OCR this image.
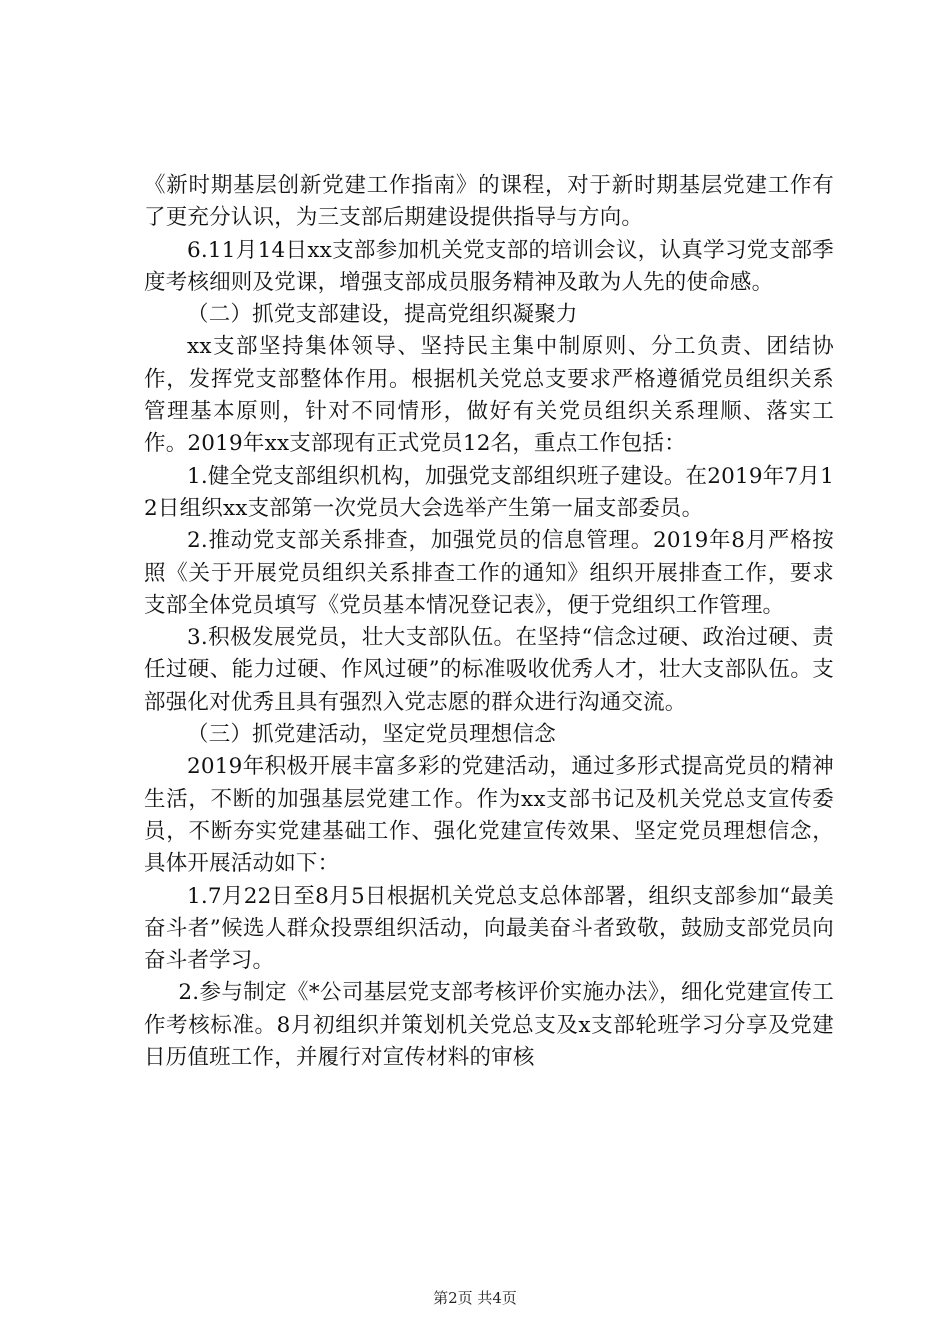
《新时期基层创新党建工作指南》的课程，对于新时期基层党建工作有了更充分认识，为三支部后期建设提供指导与方向。

6.11月14日xx支部参加机关党支部的培训会议，认真学习党支部季度考核细则及党课，增强支部成员服务精神及敢为人先的使命感。

（二）抓党支部建设，提高党组织凝聚力

xx支部坚持集体领导、坚持民主集中制原则、分工负责、团结协作，发挥党支部整体作用。根据机关党总支要求严格遵循党员组织关系管理基本原则，针对不同情形，做好有关党员组织关系理顺、落实工作。2019年xx支部现有正式党员12名，重点工作包括：

1.健全党支部组织机构，加强党支部组织班子建设。在2019年7月12日组织xx支部第一次党员大会选举产生第一届支部委员。

2.推动党支部关系排查，加强党员的信息管理。2019年8月严格按照《关于开展党员组织关系排查工作的通知》组织开展排查工作，要求支部全体党员填写《党员基本情况登记表》，便于党组织工作管理。

3.积极发展党员，壮大支部队伍。在坚持“信念过硬、政治过硬、责任过硬、能力过硬、作风过硬”的标准吸收优秀人才，壮大支部队伍。支部强化对优秀且具有强烈入党志愿的群众进行沟通交流。

（三）抓党建活动，坚定党员理想信念

2019年积极开展丰富多彩的党建活动，通过多形式提高党员的精神生活，不断的加强基层党建工作。作为xx支部书记及机关党总支宣传委员，不断夯实党建基础工作、强化党建宣传效果、坚定党员理想信念，具体开展活动如下：

1.7月22日至8月5日根据机关党总支总体部署，组织支部参加“最美奋斗者”候选人群众投票组织活动，向最美奋斗者致敬，鼓励支部党员向奋斗者学习。

2.参与制定《*公司基层党支部考核评价实施办法》，细化党建宣传工作考核标准。8月初组织并策划机关党总支及x支部轮班学习分享及党建日历值班工作，并履行对宣传材料的审核

第2页 共4页
